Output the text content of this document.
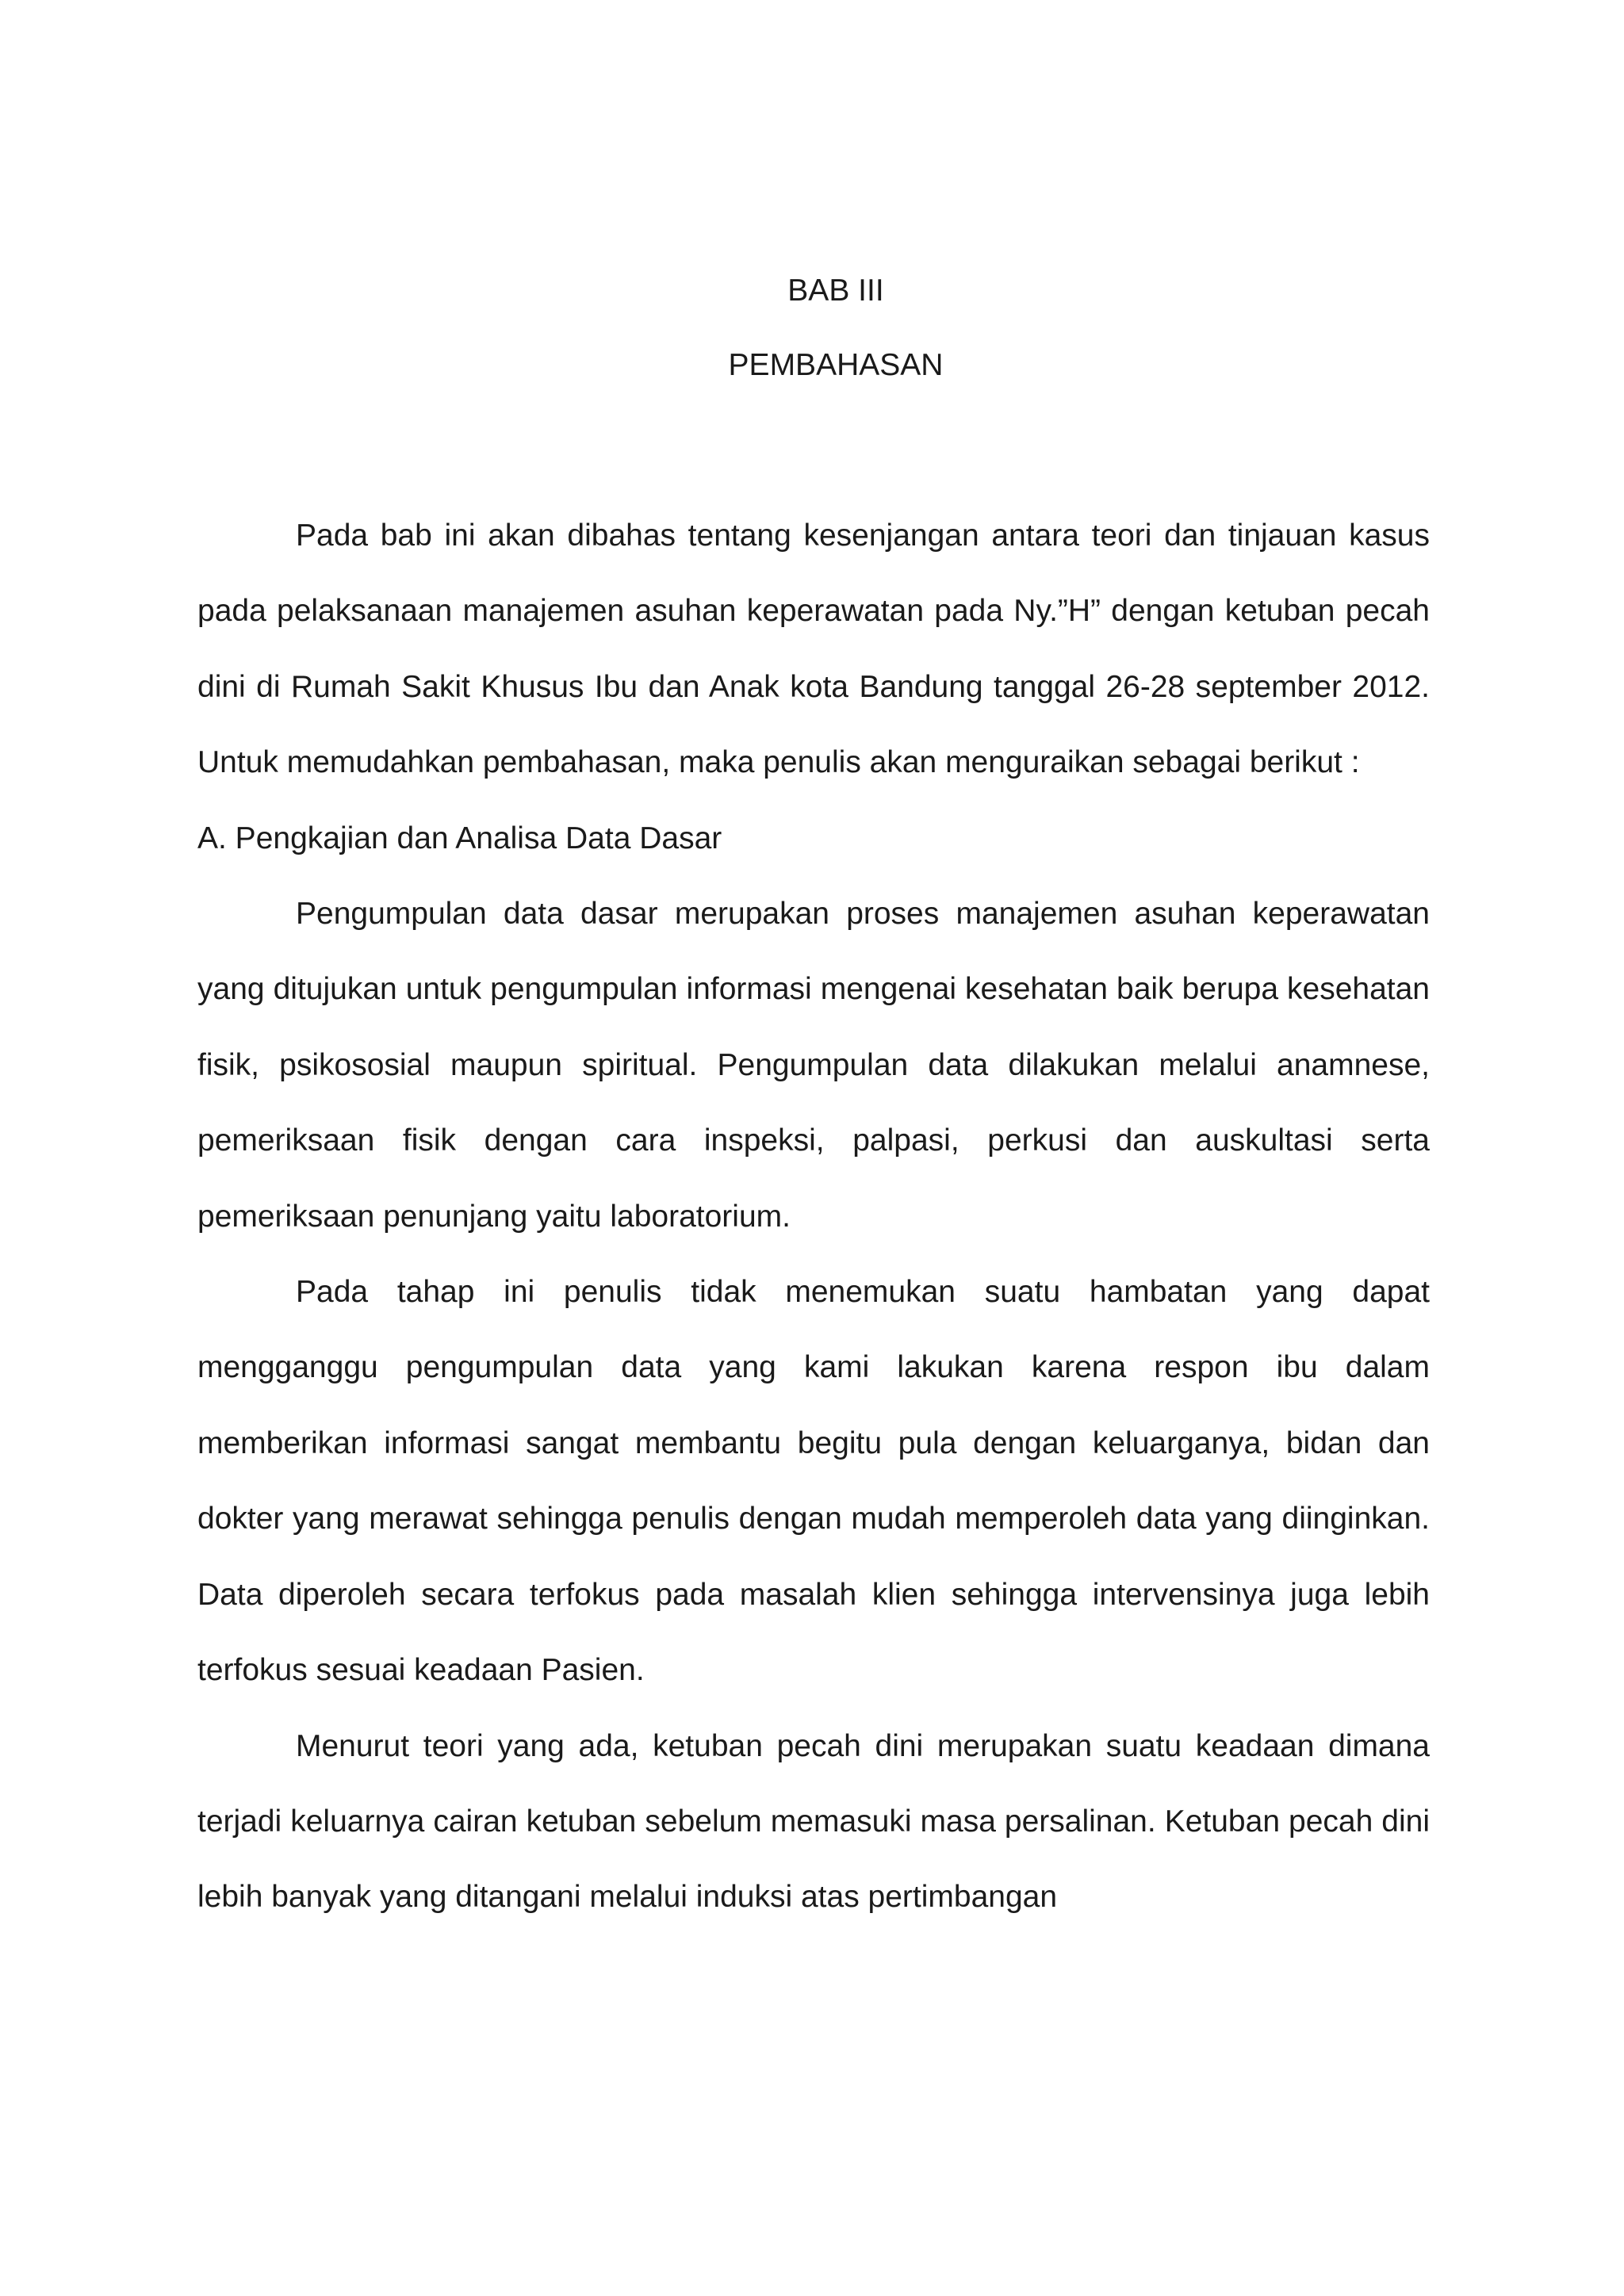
BAB III
PEMBAHASAN

Pada bab ini akan dibahas tentang kesenjangan antara teori dan tinjauan kasus pada pelaksanaan manajemen asuhan keperawatan pada Ny.”H” dengan ketuban pecah dini di Rumah Sakit Khusus Ibu dan Anak kota Bandung tanggal 26-28 september 2012. Untuk memudahkan pembahasan, maka penulis akan menguraikan sebagai berikut :

A. Pengkajian dan Analisa Data Dasar

Pengumpulan data dasar merupakan proses manajemen asuhan keperawatan yang ditujukan untuk pengumpulan informasi mengenai kesehatan baik berupa kesehatan fisik, psikososial maupun spiritual. Pengumpulan data dilakukan melalui anamnese, pemeriksaan fisik dengan cara inspeksi, palpasi, perkusi dan auskultasi serta pemeriksaan penunjang yaitu laboratorium.

Pada tahap ini penulis tidak menemukan suatu hambatan yang dapat mengganggu pengumpulan data yang kami lakukan karena respon ibu dalam memberikan informasi sangat membantu begitu pula dengan keluarganya, bidan dan dokter yang merawat sehingga penulis dengan mudah memperoleh data yang diinginkan. Data diperoleh secara terfokus pada masalah klien sehingga intervensinya juga lebih terfokus sesuai keadaan Pasien.

Menurut teori yang ada, ketuban pecah dini merupakan suatu keadaan dimana terjadi keluarnya cairan ketuban sebelum memasuki masa persalinan. Ketuban pecah dini lebih banyak yang ditangani melalui induksi atas pertimbangan
